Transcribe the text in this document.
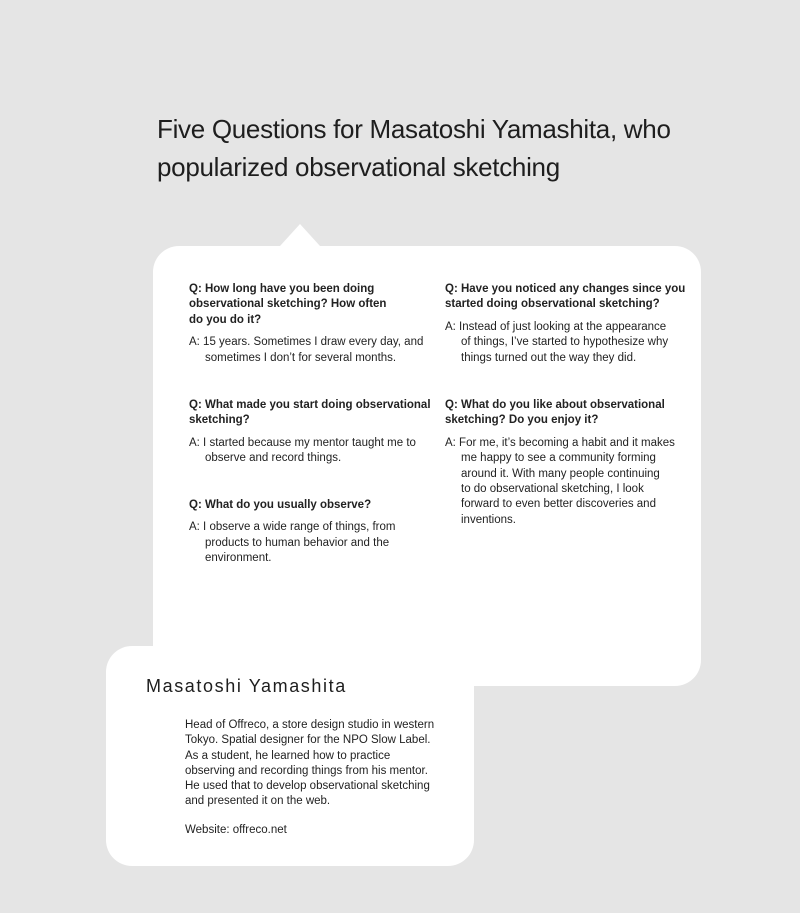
Five Questions for Masatoshi Yamashita, who
popularized observational sketching

Q: How long have you been doing
observational sketching? How often
do you do it?

A: 15 years. Sometimes I draw every day, and
sometimes I don’t for several months.

Q: What made you start doing observational
sketching?

A: I started because my mentor taught me to
observe and record things.

Q: What do you usually observe?

A: I observe a wide range of things, from
products to human behavior and the
environment.

Q: Have you noticed any changes since you
started doing observational sketching?

A: Instead of just looking at the appearance
of things, I’ve started to hypothesize why
things turned out the way they did.

Q: What do you like about observational
sketching? Do you enjoy it?

A: For me, it’s becoming a habit and it makes
me happy to see a community forming
around it. With many people continuing
to do observational sketching, I look
forward to even better discoveries and
inventions.

Masatoshi Yamashita
Head of Offreco, a store design studio in western
Tokyo. Spatial designer for the NPO Slow Label.
As a student, he learned how to practice
observing and recording things from his mentor.
He used that to develop observational sketching
and presented it on the web.
Website: offreco.net
